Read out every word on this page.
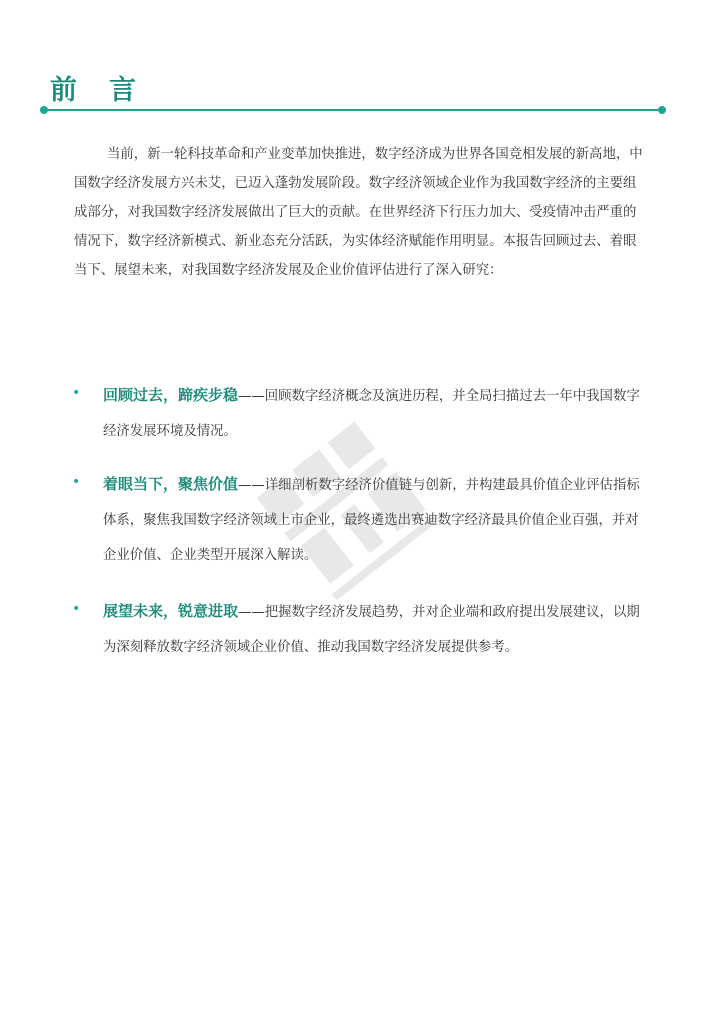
前言

当前，新一轮科技革命和产业变革加快推进，数字经济成为世界各国竞相发展的新高地，中国数字经济发展方兴未艾，已迈入蓬勃发展阶段。数字经济领域企业作为我国数字经济的主要组成部分，对我国数字经济发展做出了巨大的贡献。在世界经济下行压力加大、受疫情冲击严重的情况下，数字经济新模式、新业态充分活跃，为实体经济赋能作用明显。本报告回顾过去、着眼当下、展望未来，对我国数字经济发展及企业价值评估进行了深入研究：

• 回顾过去，蹄疾步稳——回顾数字经济概念及演进历程，并全局扫描过去一年中我国数字经济发展环境及情况。

• 着眼当下，聚焦价值——详细剖析数字经济价值链与创新，并构建最具价值企业评估指标体系，聚焦我国数字经济领域上市企业，最终遴选出赛迪数字经济最具价值企业百强，并对企业价值、企业类型开展深入解读。

• 展望未来，锐意进取——把握数字经济发展趋势，并对企业端和政府提出发展建议，以期为深刻释放数字经济领域企业价值、推动我国数字经济发展提供参考。
